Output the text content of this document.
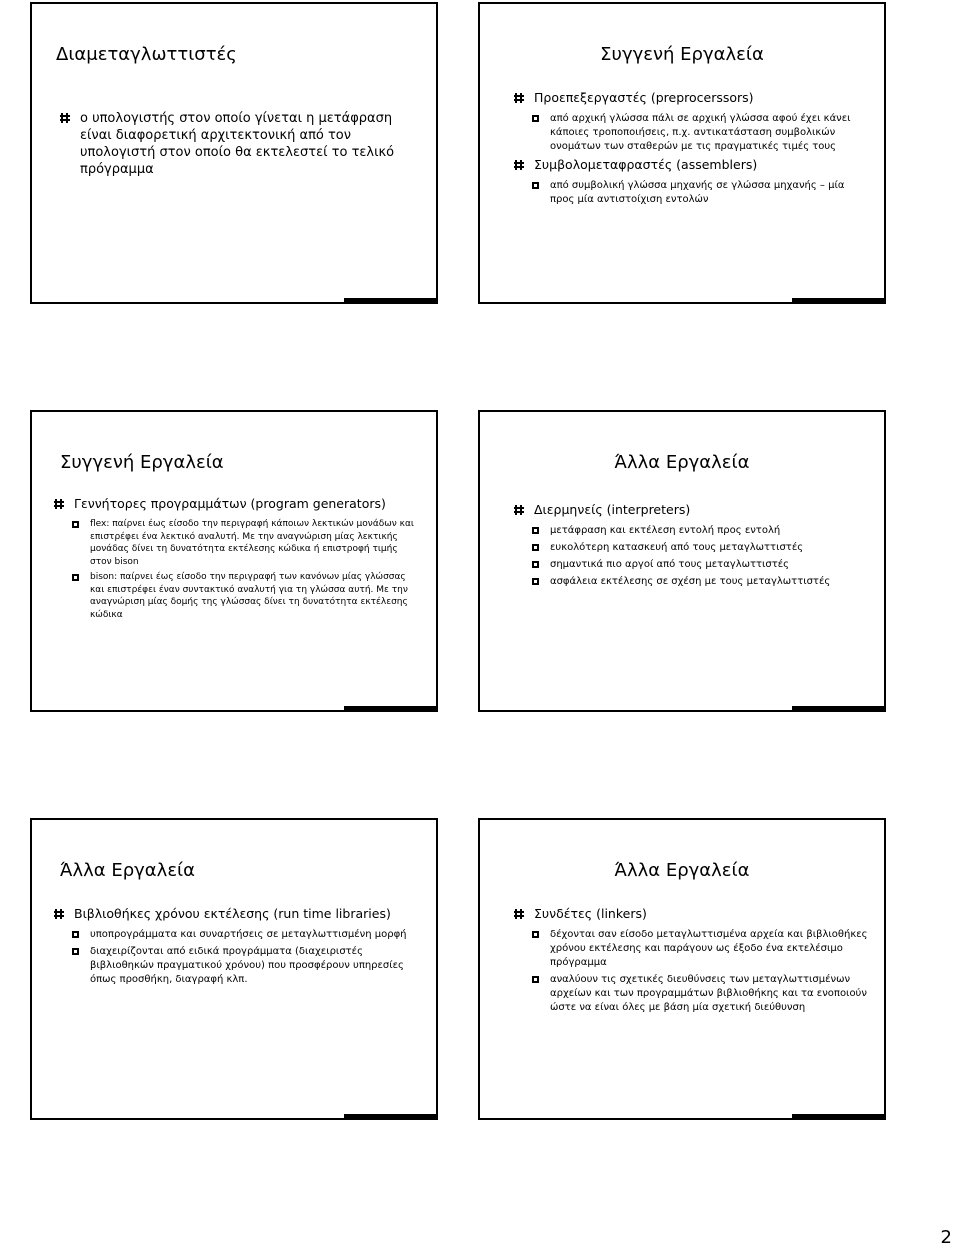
Διαμεταγλωττιστές
ο υπολογιστής στον οποίο γίνεται η μετάφραση είναι διαφορετική αρχιτεκτονική από τον υπολογιστή στον οποίο θα εκτελεστεί το τελικό πρόγραμμα
Συγγενή Εργαλεία
Προεπεξεργαστές (preprocerssors)
από αρχική γλώσσα πάλι σε αρχική γλώσσα αφού έχει κάνει κάποιες τροποποιήσεις, π.χ. αντικατάσταση συμβολικών ονομάτων των σταθερών με τις πραγματικές τιμές τους
Συμβολομεταφραστές (assemblers)
από συμβολική γλώσσα μηχανής σε γλώσσα μηχανής – μία προς μία αντιστοίχιση εντολών
Συγγενή Εργαλεία
Γεννήτορες προγραμμάτων (program generators)
flex: παίρνει έως είσοδο την περιγραφή κάποιων λεκτικών μονάδων και επιστρέφει ένα λεκτικό αναλυτή. Με την αναγνώριση μίας λεκτικής μονάδας δίνει τη δυνατότητα εκτέλεσης κώδικα ή επιστροφή τιμής στον bison
bison: παίρνει έως είσοδο την περιγραφή των κανόνων μίας γλώσσας και επιστρέφει έναν συντακτικό αναλυτή για τη γλώσσα αυτή. Με την αναγνώριση μίας δομής της γλώσσας δίνει τη δυνατότητα εκτέλεσης κώδικα
Άλλα Εργαλεία
Διερμηνείς (interpreters)
μετάφραση και εκτέλεση εντολή προς εντολή
ευκολότερη κατασκευή από τους μεταγλωττιστές
σημαντικά πιο αργοί από τους μεταγλωττιστές
ασφάλεια εκτέλεσης σε σχέση με τους μεταγλωττιστές
Άλλα Εργαλεία
Βιβλιοθήκες χρόνου εκτέλεσης (run time libraries)
υποπρογράμματα και συναρτήσεις σε μεταγλωττισμένη μορφή
διαχειρίζονται από ειδικά προγράμματα (διαχειριστές βιβλιοθηκών πραγματικού χρόνου) που προσφέρουν υπηρεσίες όπως προσθήκη, διαγραφή κλπ.
Άλλα Εργαλεία
Συνδέτες (linkers)
δέχονται σαν είσοδο μεταγλωττισμένα αρχεία και βιβλιοθήκες χρόνου εκτέλεσης και παράγουν ως έξοδο ένα εκτελέσιμο πρόγραμμα
αναλύουν τις σχετικές διευθύνσεις των μεταγλωττισμένων αρχείων και των προγραμμάτων βιβλιοθήκης και τα ενοποιούν ώστε να είναι όλες με βάση μία σχετική διεύθυνση
2
